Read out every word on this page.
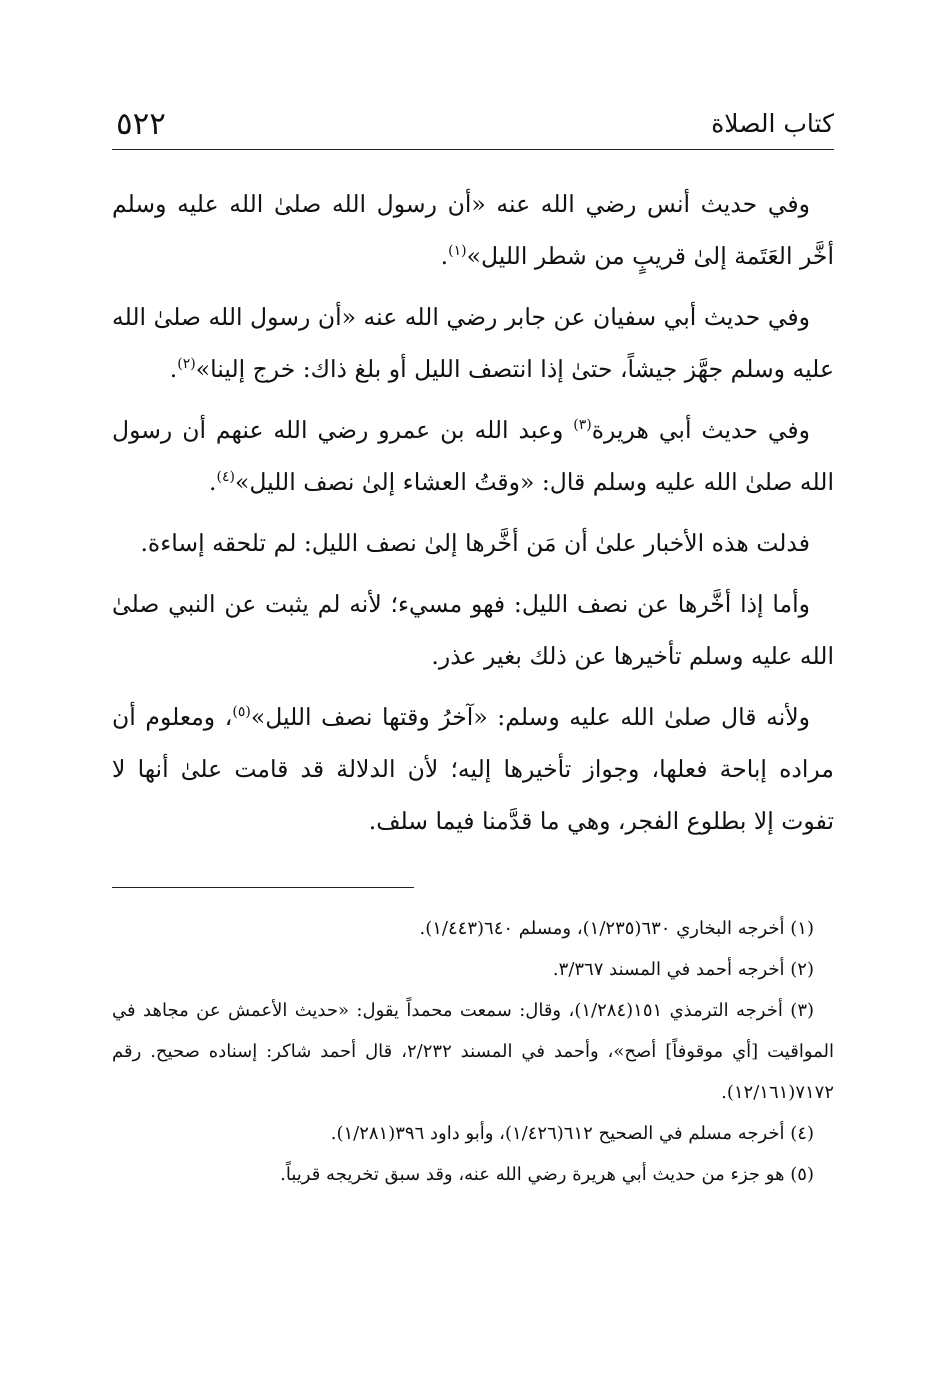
كتاب الصلاة
٥٢٢

وفي حديث أنس رضي الله عنه «أن رسول الله صلىٰ الله عليه وسلم أخَّر العَتَمة إلىٰ قريبٍ من شطر الليل»$^{(١)}$.

وفي حديث أبي سفيان عن جابر رضي الله عنه «أن رسول الله صلىٰ الله عليه وسلم جهَّز جيشاً، حتىٰ إذا انتصف الليل أو بلغ ذاك: خرج إلينا»$^{(٢)}$.

وفي حديث أبي هريرة$^{(٣)}$ وعبد الله بن عمرو رضي الله عنهم أن رسول الله صلىٰ الله عليه وسلم قال: «وقتُ العشاء إلىٰ نصف الليل»$^{(٤)}$.

فدلت هذه الأخبار علىٰ أن مَن أخَّرها إلىٰ نصف الليل: لم تلحقه إساءة.

وأما إذا أخَّرها عن نصف الليل: فهو مسيء؛ لأنه لم يثبت عن النبي صلىٰ الله عليه وسلم تأخيرها عن ذلك بغير عذر.

ولأنه قال صلىٰ الله عليه وسلم: «آخرُ وقتها نصف الليل»$^{(٥)}$، ومعلوم أن مراده إباحة فعلها، وجواز تأخيرها إليه؛ لأن الدلالة قد قامت علىٰ أنها لا تفوت إلا بطلوع الفجر، وهي ما قدَّمنا فيما سلف.

(١) أخرجه البخاري ٦٣٠(١/٢٣٥)، ومسلم ٦٤٠(١/٤٤٣).

(٢) أخرجه أحمد في المسند ٣/٣٦٧.

(٣) أخرجه الترمذي ١٥١(١/٢٨٤)، وقال: سمعت محمداً يقول: «حديث الأعمش عن مجاهد في المواقيت [أي موقوفاً] أصح»، وأحمد في المسند ٢/٢٣٢، قال أحمد شاكر: إسناده صحيح. رقم ٧١٧٢(١٢/١٦١).

(٤) أخرجه مسلم في الصحيح ٦١٢(١/٤٢٦)، وأبو داود ٣٩٦(١/٢٨١).

(٥) هو جزء من حديث أبي هريرة رضي الله عنه، وقد سبق تخريجه قريباً.
